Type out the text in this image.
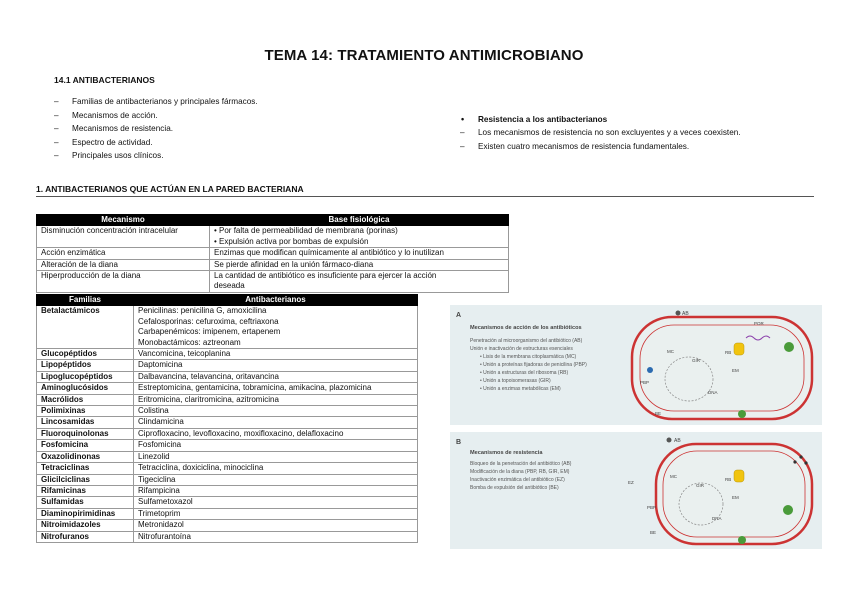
TEMA 14: TRATAMIENTO ANTIMICROBIANO
14.1 ANTIBACTERIANOS
– Familias de antibacterianos y principales fármacos.
– Mecanismos de acción.
– Mecanismos de resistencia.
– Espectro de actividad.
– Principales usos clínicos.
• Resistencia a los antibacterianos
– Los mecanismos de resistencia no son excluyentes y a veces coexisten.
– Existen cuatro mecanismos de resistencia fundamentales.
1. ANTIBACTERIANOS QUE ACTÚAN EN LA PARED BACTERIANA
Mecanismo	Base fisiológica
Disminución concentración intracelular	• Por falta de permeabilidad de membrana (porinas)
• Expulsión activa por bombas de expulsión

Acción enzimática	Enzimas que modifican químicamente al antibiótico y lo inutilizan

Alteración de la diana	Se pierde afinidad en la unión fármaco-diana

Hiperproducción de la diana	La cantidad de antibiótico es insuficiente para ejercer la acción
deseada
Familias	Antibacterianos
Betalactámicos	Penicilinas: penicilina G, amoxicilina
Cefalosporinas: cefuroxima, ceftriaxona
Carbapenémicos: imipenem, ertapenem
Monobactámicos: aztreonam

Glucopéptidos	Vancomicina, teicoplanina

Lipopéptidos	Daptomicina

Lipoglucopéptidos	Dalbavancina, telavancina, oritavancina

Aminoglucósidos	Estreptomicina, gentamicina, tobramicina, amikacina, plazomicina

Macrólidos	Eritromicina, claritromicina, azitromicina

Polimixinas	Colistina

Lincosamidas	Clindamicina

Fluoroquinolonas	Ciprofloxacino, levofloxacino, moxifloxacino, delafloxacino

Fosfomicina	Fosfomicina

Oxazolidinonas	Linezolid

Tetraciclinas	Tetraciclina, doxiciclina, minociclina

Glicilciclinas	Tigeciclina

Rifamicinas	Rifampicina

Sulfamidas	Sulfametoxazol

Diaminopirimidinas	Trimetoprim

Nitroimidazoles	Metronidazol

Nitrofuranos	Nitrofurantoína
A
Mecanismos de acción de los antibióticos
Penetración al microorganismo del antibiótico (AB)
Unión e inactivación de estructuras esenciales
• Lisis de la membrana citoplasmática (MC)
• Unión a proteínas fijadoras de penicilina (PBP)
• Unión a estructuras del ribosoma (RB)
• Unión a topoisomerasas (GIR)
• Unión a enzimas metabólicas (EM)
AB
POR
MC
GIR
RB
EM
PBP
DNA
BE
B
Mecanismos de resistencia
Bloqueo de la penetración del antibiótico (AB)
Modificación de la diana (PBP, RB, GIR, EM)
Inactivación enzimática del antibiótico (EZ)
Bomba de expulsión del antibiótico (BE)
AB
MC
GIR
RB
EM
PBP
DNA
EZ
BE
